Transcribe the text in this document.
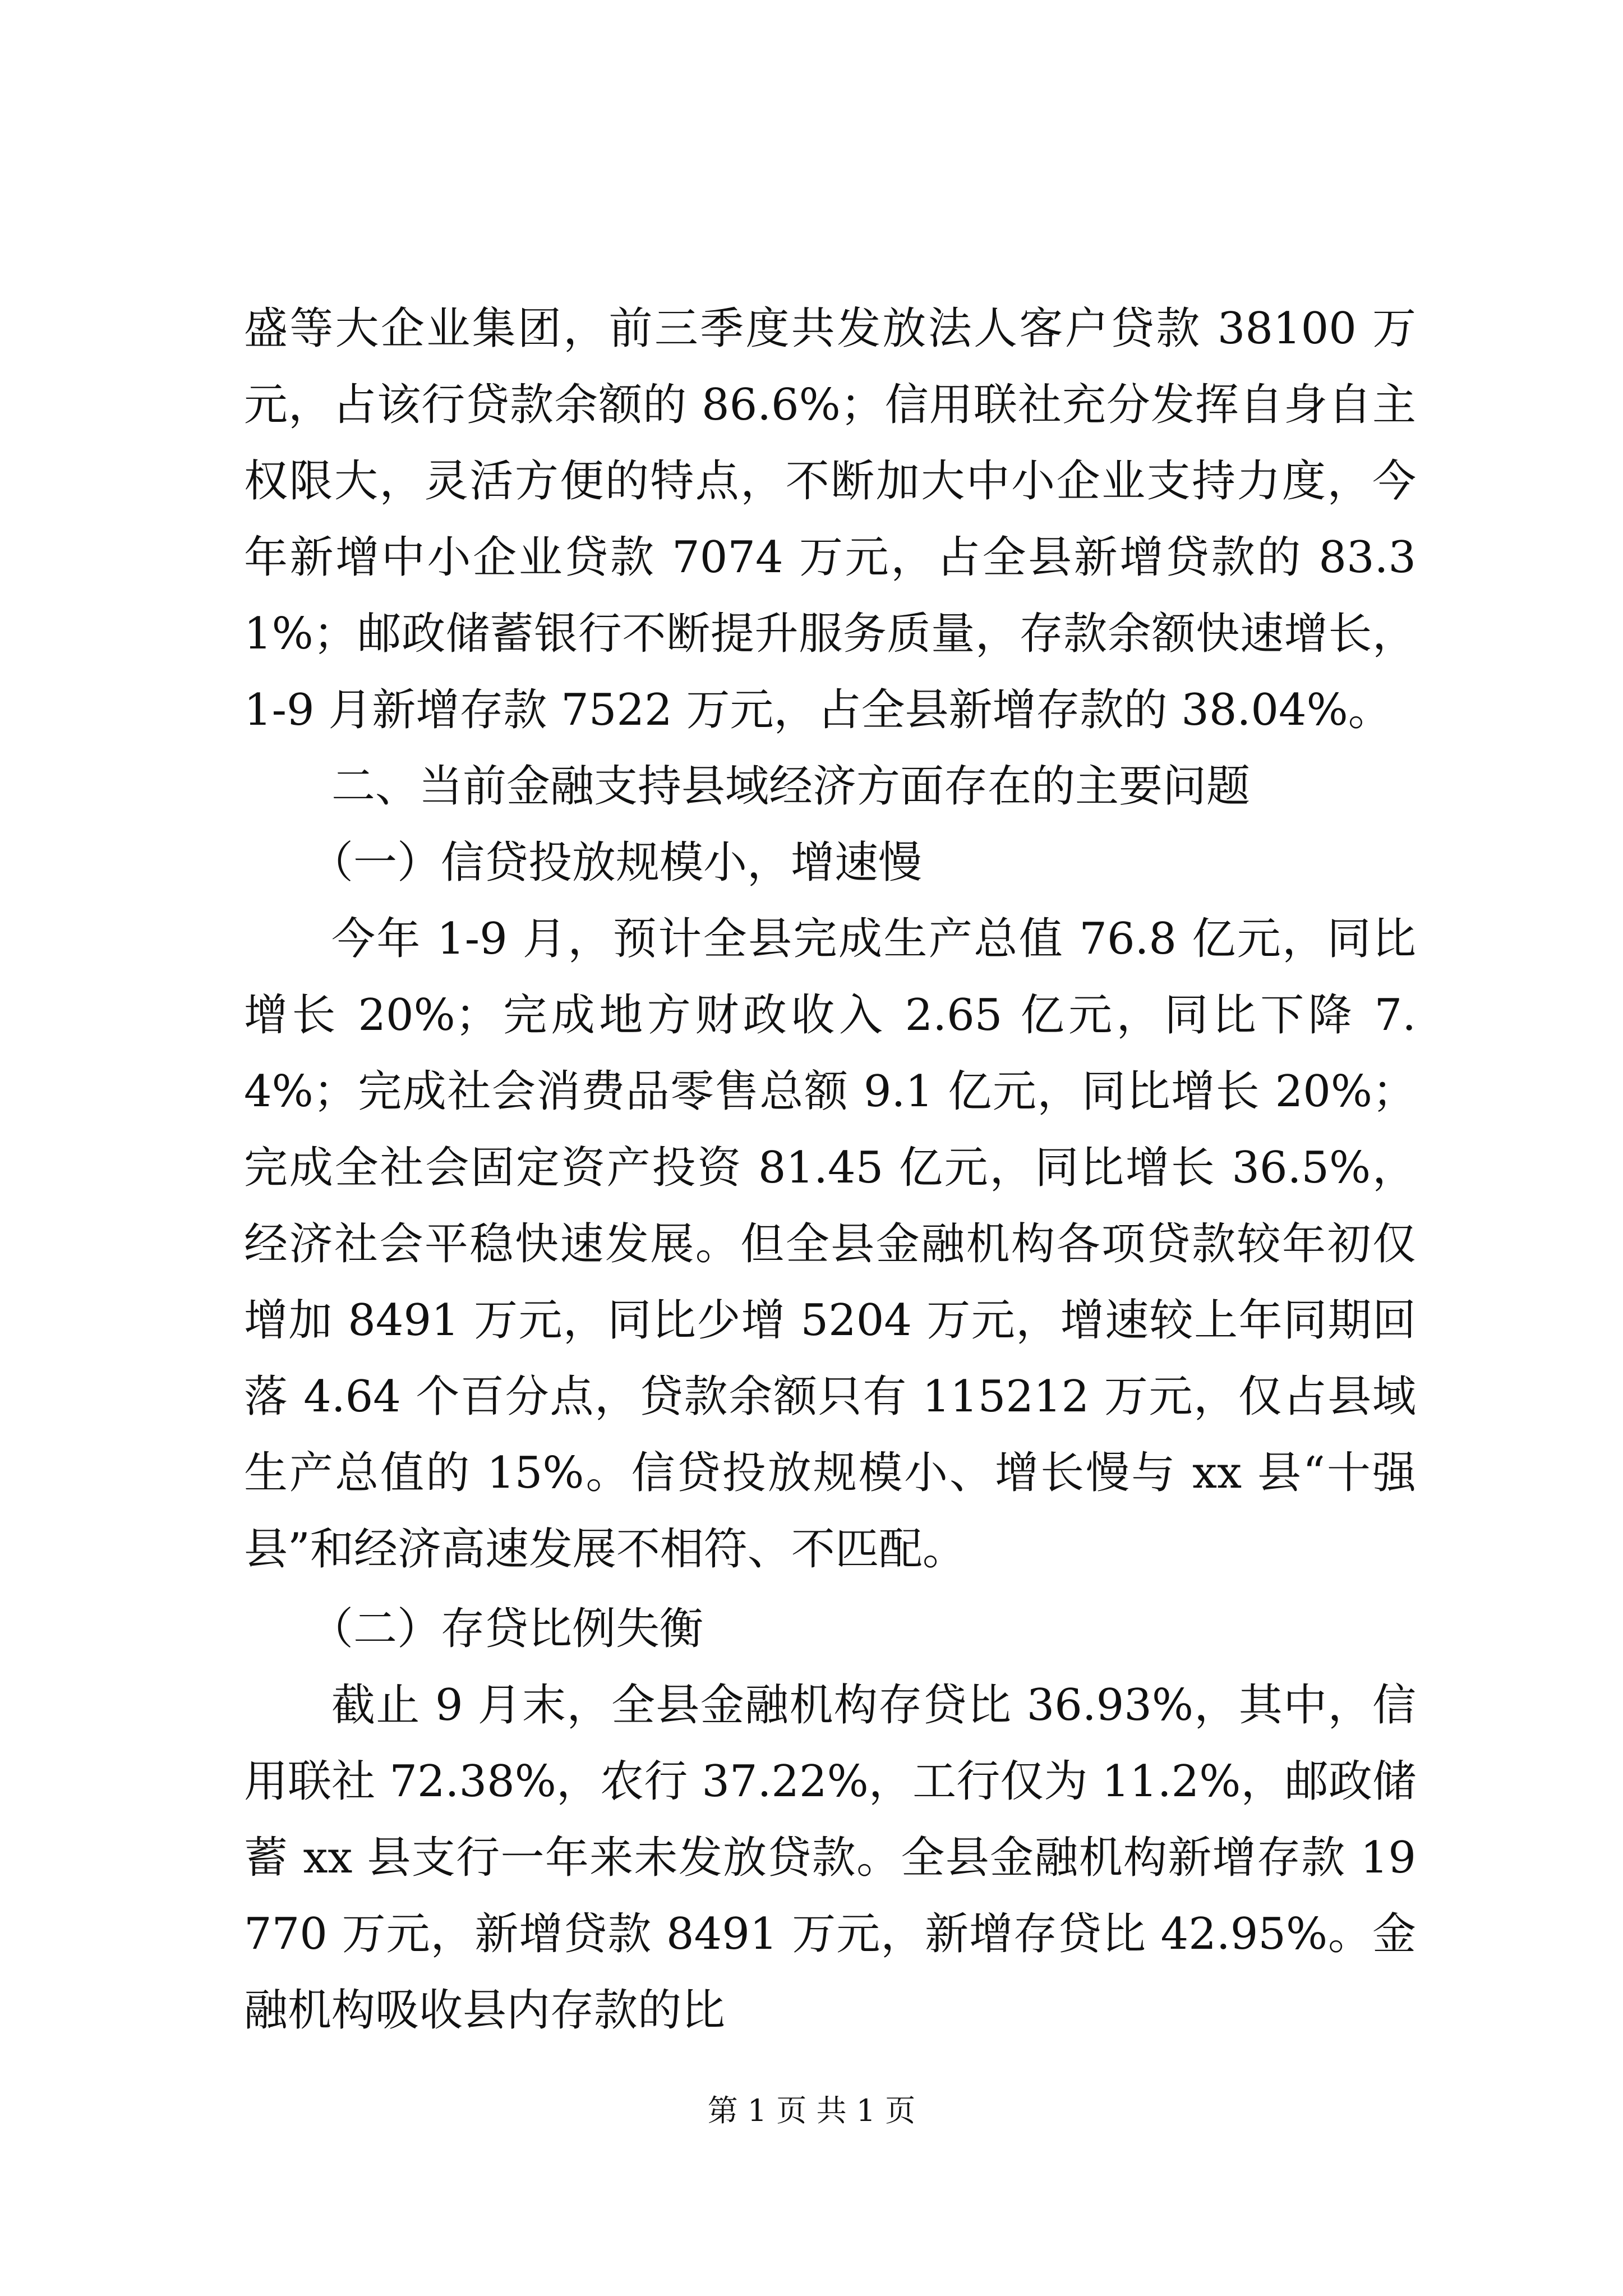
盛等大企业集团，前三季度共发放法人客户贷款 38100 万元，占该行贷款余额的 86.6%；信用联社充分发挥自身自主权限大，灵活方便的特点，不断加大中小企业支持力度，今年新增中小企业贷款 7074 万元，占全县新增贷款的 83.31%；邮政储蓄银行不断提升服务质量，存款余额快速增长，1-9 月新增存款 7522 万元，占全县新增存款的 38.04%。

二、当前金融支持县域经济方面存在的主要问题

（一）信贷投放规模小，增速慢

今年 1-9 月，预计全县完成生产总值 76.8 亿元，同比增长 20%；完成地方财政收入 2.65 亿元，同比下降 7.4%；完成社会消费品零售总额 9.1 亿元，同比增长 20%；完成全社会固定资产投资 81.45 亿元，同比增长 36.5%，经济社会平稳快速发展。但全县金融机构各项贷款较年初仅增加 8491 万元，同比少增 5204 万元，增速较上年同期回落 4.64 个百分点，贷款余额只有 115212 万元，仅占县域生产总值的 15%。信贷投放规模小、增长慢与 xx 县“十强县”和经济高速发展不相符、不匹配。

（二）存贷比例失衡

截止 9 月末，全县金融机构存贷比 36.93%，其中，信用联社 72.38%，农行 37.22%，工行仅为 11.2%，邮政储蓄 xx 县支行一年来未发放贷款。全县金融机构新增存款 19770 万元，新增贷款 8491 万元，新增存贷比 42.95%。金融机构吸收县内存款的比

第 1 页 共 1 页
